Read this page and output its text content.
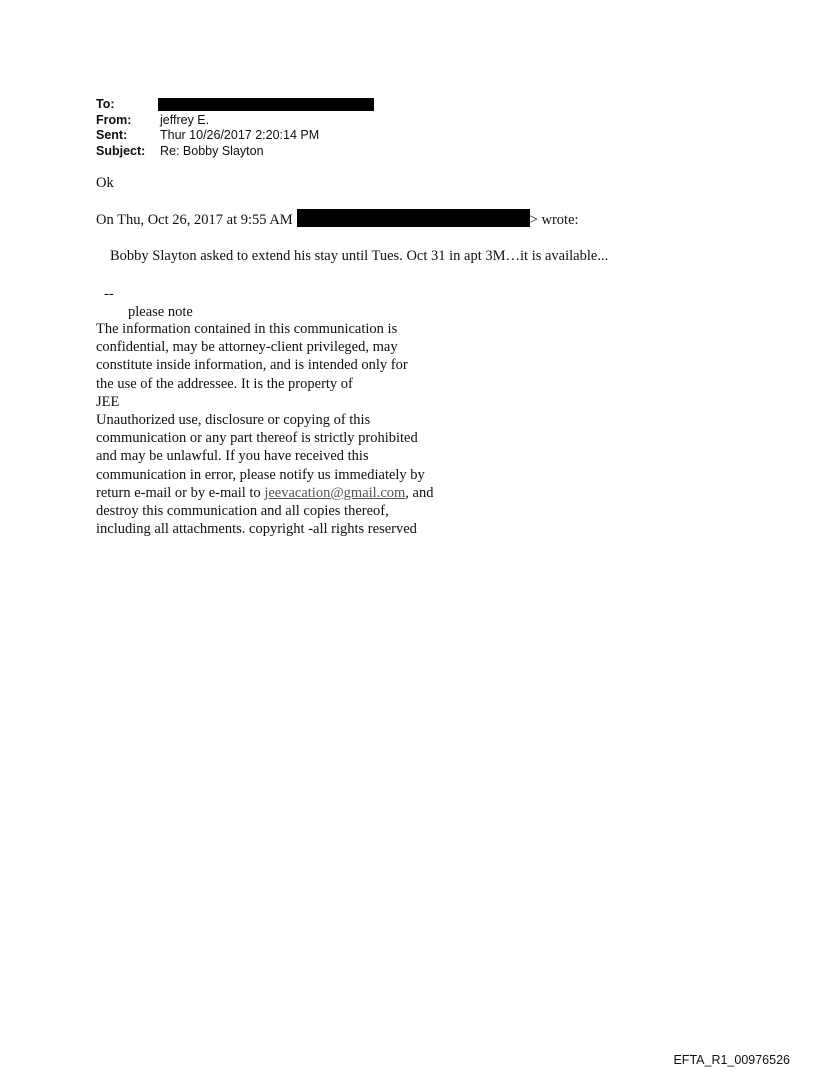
To:
From:	jeffrey E.
Sent:	Thur 10/26/2017 2:20:14 PM
Subject:	Re: Bobby Slayton
Ok
On Thu, Oct 26, 2017 at 9:55 AM	> wrote:
Bobby Slayton asked to extend his stay until Tues. Oct 31 in apt 3M…it is available...
--
please note
The information contained in this communication is
confidential, may be attorney-client privileged, may
constitute inside information, and is intended only for
the use of the addressee. It is the property of
JEE
Unauthorized use, disclosure or copying of this
communication or any part thereof is strictly prohibited
and may be unlawful. If you have received this
communication in error, please notify us immediately by
return e-mail or by e-mail to jeevacation@gmail.com, and
destroy this communication and all copies thereof,
including all attachments. copyright -all rights reserved
EFTA_R1_00976526
